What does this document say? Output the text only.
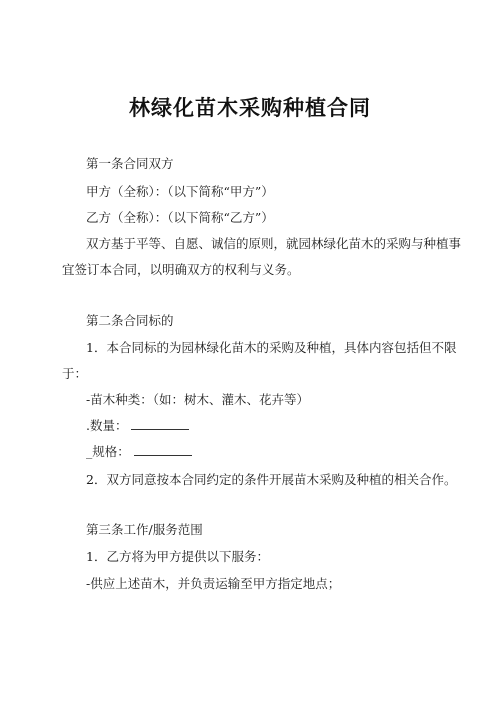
林绿化苗木采购种植合同
第一条合同双方
甲方（全称）：（以下简称“甲方”）
乙方（全称）：（以下简称“乙方”）
双方基于平等、自愿、诚信的原则，就园林绿化苗木的采购与种植事
宜签订本合同，以明确双方的权利与义务。
第二条合同标的
1．本合同标的为园林绿化苗木的采购及种植，具体内容包括但不限
于：
-苗木种类：（如：树木、灌木、花卉等）
.数量：
_规格：
2．双方同意按本合同约定的条件开展苗木采购及种植的相关合作。
第三条工作/服务范围
1．乙方将为甲方提供以下服务：
-供应上述苗木，并负责运输至甲方指定地点；
